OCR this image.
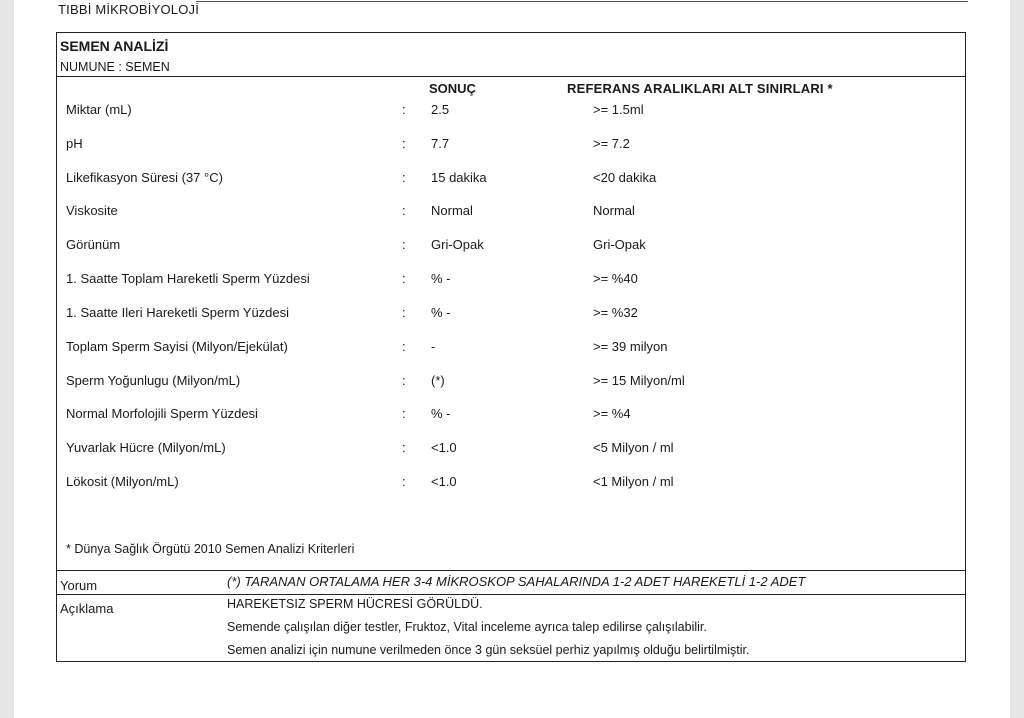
TIBBİ MİKROBİYOLOJİ
SEMEN ANALİZİ
NUMUNE : SEMEN
SONUÇ	REFERANS ARALIKLARI ALT SINIRLARI *
Miktar (mL)	: 2.5	>= 1.5ml
pH	: 7.7	>= 7.2
Likefikasyon Süresi (37 °C)	: 15 dakika	<20 dakika
Viskosite	: Normal	Normal
Görünüm	: Gri-Opak	Gri-Opak
1. Saatte Toplam Hareketli Sperm Yüzdesi	: % -	>= %40
1. Saatte Ileri Hareketli Sperm Yüzdesi	: % -	>= %32
Toplam Sperm Sayisi (Milyon/Ejekülat)	: -	>= 39 milyon
Sperm Yoğunlugu (Milyon/mL)	: (*)	>= 15 Milyon/ml
Normal Morfolojili Sperm Yüzdesi	: % -	>= %4
Yuvarlak Hücre (Milyon/mL)	: <1.0	<5 Milyon / ml
Lökosit (Milyon/mL)	: <1.0	<1 Milyon / ml
* Dünya Sağlık Örgütü 2010 Semen Analizi Kriterleri
Yorum	(*) TARANAN ORTALAMA HER 3-4 MİKROSKOP SAHALARINDA 1-2 ADET HAREKETLİ 1-2 ADET
Açıklama	HAREKETSIZ SPERM HÜCRESİ GÖRÜLDÜ.
Semende çalışılan diğer testler, Fruktoz, Vital inceleme ayrıca talep edilirse çalışılabilir.
Semen analizi için numune verilmeden önce 3 gün seksüel perhiz yapılmış olduğu belirtilmiştir.
